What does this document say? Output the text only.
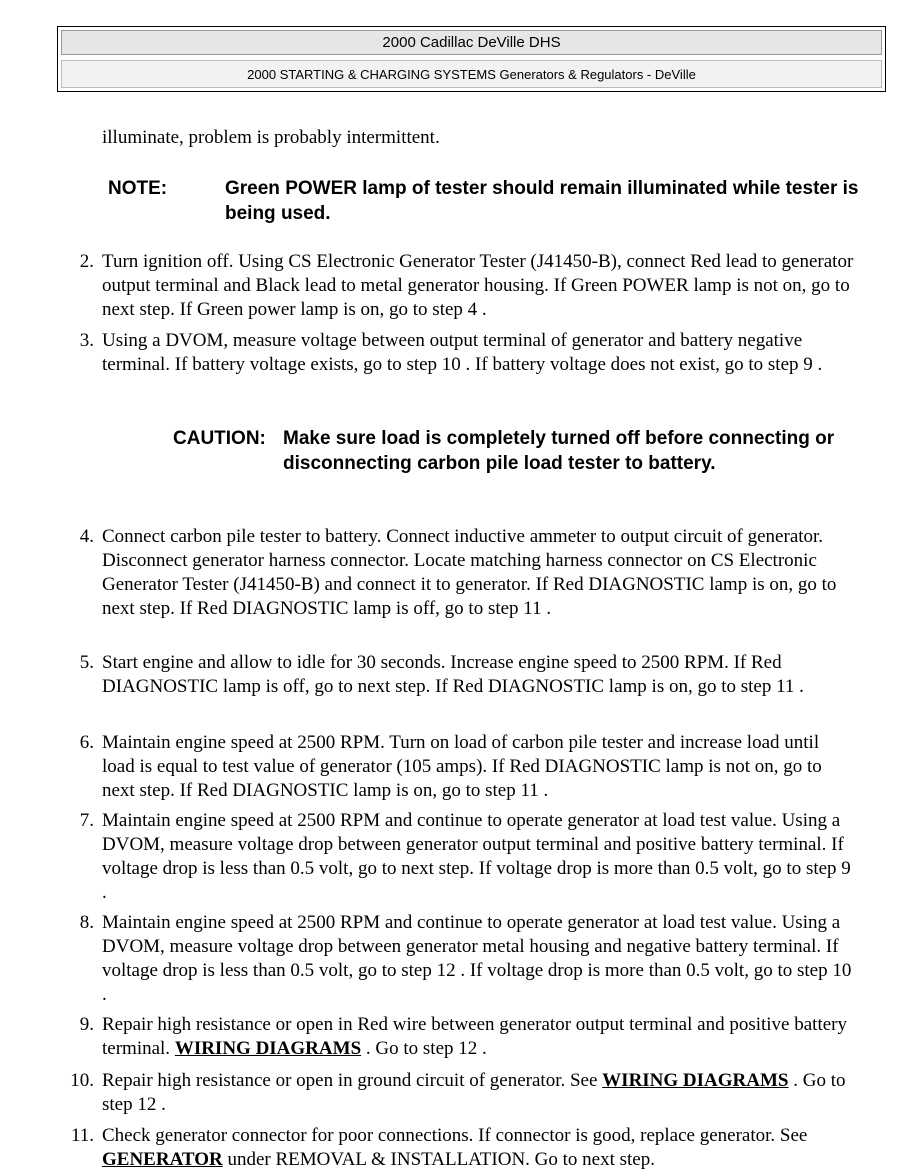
2000 Cadillac DeVille DHS
2000 STARTING & CHARGING SYSTEMS Generators & Regulators - DeVille
illuminate, problem is probably intermittent.
NOTE:	Green POWER lamp of tester should remain illuminated while tester is being used.
2. Turn ignition off. Using CS Electronic Generator Tester (J41450-B), connect Red lead to generator output terminal and Black lead to metal generator housing. If Green POWER lamp is not on, go to next step. If Green power lamp is on, go to step 4 .
3. Using a DVOM, measure voltage between output terminal of generator and battery negative terminal. If battery voltage exists, go to step 10 . If battery voltage does not exist, go to step 9 .
CAUTION: Make sure load is completely turned off before connecting or disconnecting carbon pile load tester to battery.
4. Connect carbon pile tester to battery. Connect inductive ammeter to output circuit of generator. Disconnect generator harness connector. Locate matching harness connector on CS Electronic Generator Tester (J41450-B) and connect it to generator. If Red DIAGNOSTIC lamp is on, go to next step. If Red DIAGNOSTIC lamp is off, go to step 11 .
5. Start engine and allow to idle for 30 seconds. Increase engine speed to 2500 RPM. If Red DIAGNOSTIC lamp is off, go to next step. If Red DIAGNOSTIC lamp is on, go to step 11 .
6. Maintain engine speed at 2500 RPM. Turn on load of carbon pile tester and increase load until load is equal to test value of generator (105 amps). If Red DIAGNOSTIC lamp is not on, go to next step. If Red DIAGNOSTIC lamp is on, go to step 11 .
7. Maintain engine speed at 2500 RPM and continue to operate generator at load test value. Using a DVOM, measure voltage drop between generator output terminal and positive battery terminal. If voltage drop is less than 0.5 volt, go to next step. If voltage drop is more than 0.5 volt, go to step 9 .
8. Maintain engine speed at 2500 RPM and continue to operate generator at load test value. Using a DVOM, measure voltage drop between generator metal housing and negative battery terminal. If voltage drop is less than 0.5 volt, go to step 12 . If voltage drop is more than 0.5 volt, go to step 10 .
9. Repair high resistance or open in Red wire between generator output terminal and positive battery terminal. WIRING DIAGRAMS . Go to step 12 .
10. Repair high resistance or open in ground circuit of generator. See WIRING DIAGRAMS . Go to step 12 .
11. Check generator connector for poor connections. If connector is good, replace generator. See GENERATOR under REMOVAL & INSTALLATION. Go to next step.
